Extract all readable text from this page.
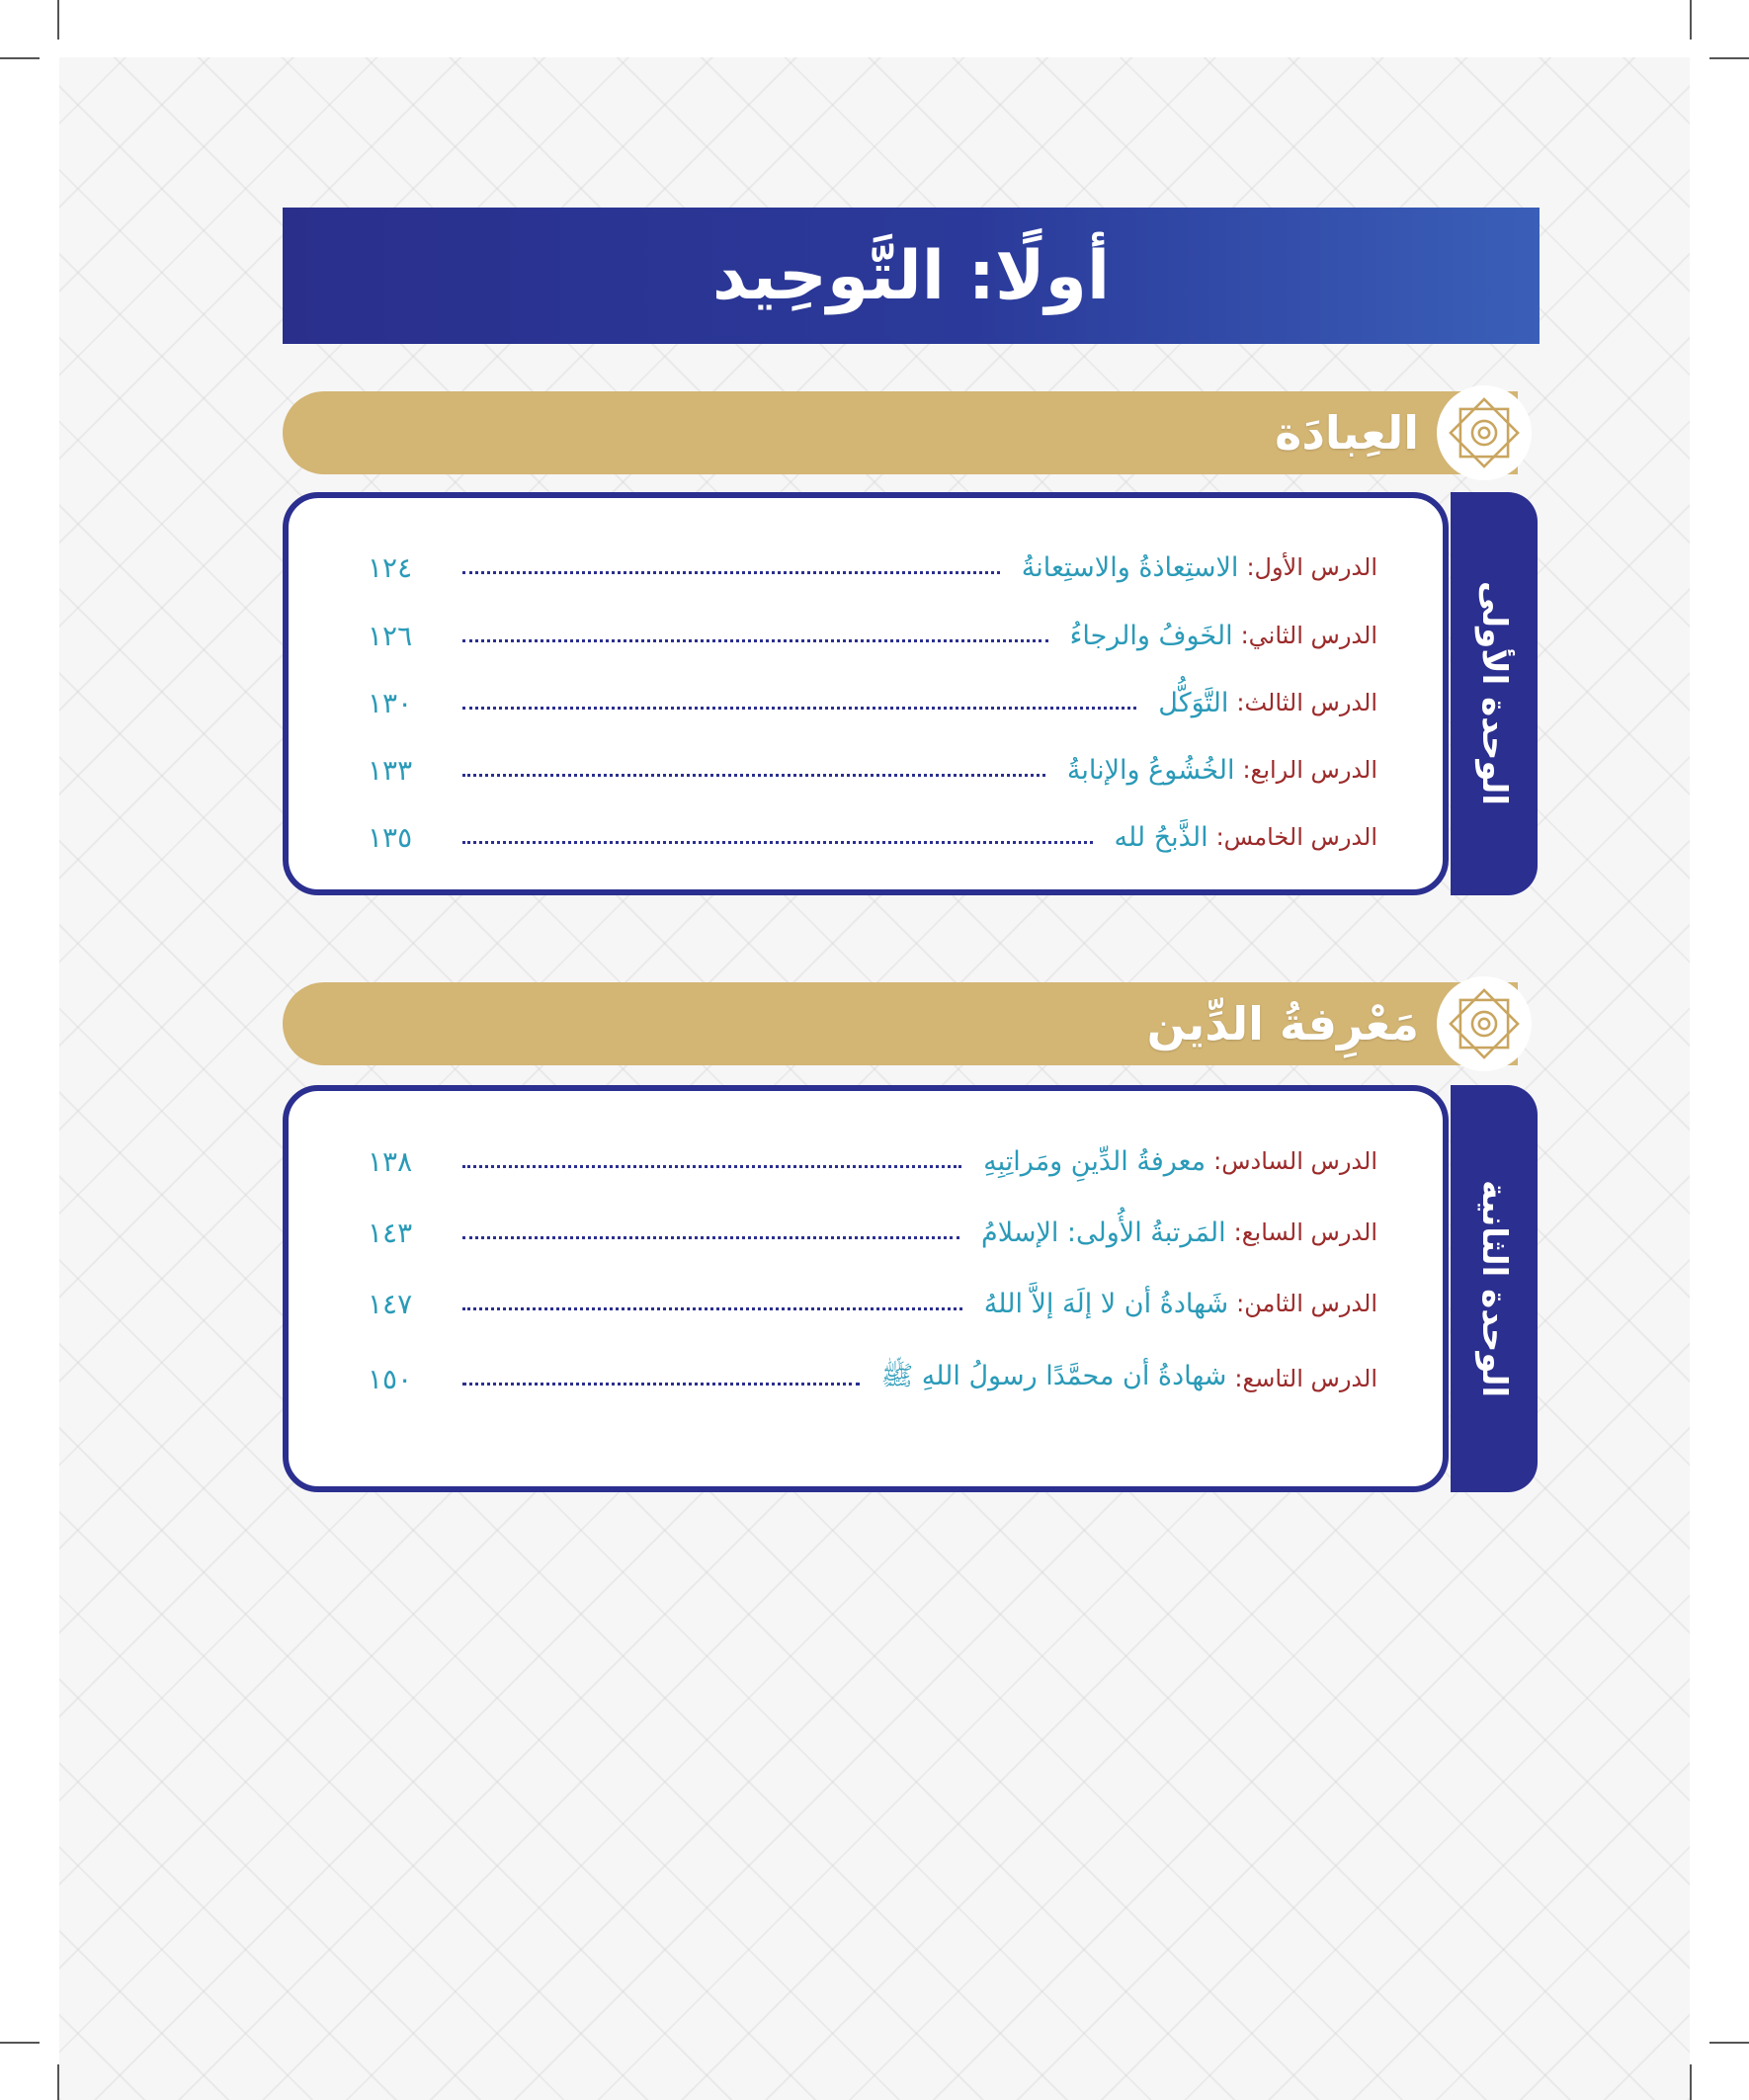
أولًا: التَّوحِيد
العِبادَة
الدرس الأول:
الاستِعاذةُ والاستِعانةُ
١٢٤
الدرس الثاني:
الخَوفُ والرجاءُ
١٢٦
الدرس الثالث:
التَّوَكُّل
١٣٠
الدرس الرابع:
الخُشُوعُ والإنابةُ
١٣٣
الدرس الخامس:
الذَّبحُ لله
١٣٥
الوحدة الأولى
مَعْرِفةُ الدِّين
الدرس السادس:
معرفةُ الدِّينِ ومَراتِبِهِ
١٣٨
الدرس السابع:
المَرتبةُ الأُولى: الإسلامُ
١٤٣
الدرس الثامن:
شَهادةُ أن لا إلَهَ إلاَّ اللهُ
١٤٧
الدرس التاسع:
شهادةُ أن محمَّدًا رسولُ اللهِ ﷺ
١٥٠	الوحدة الثانية
